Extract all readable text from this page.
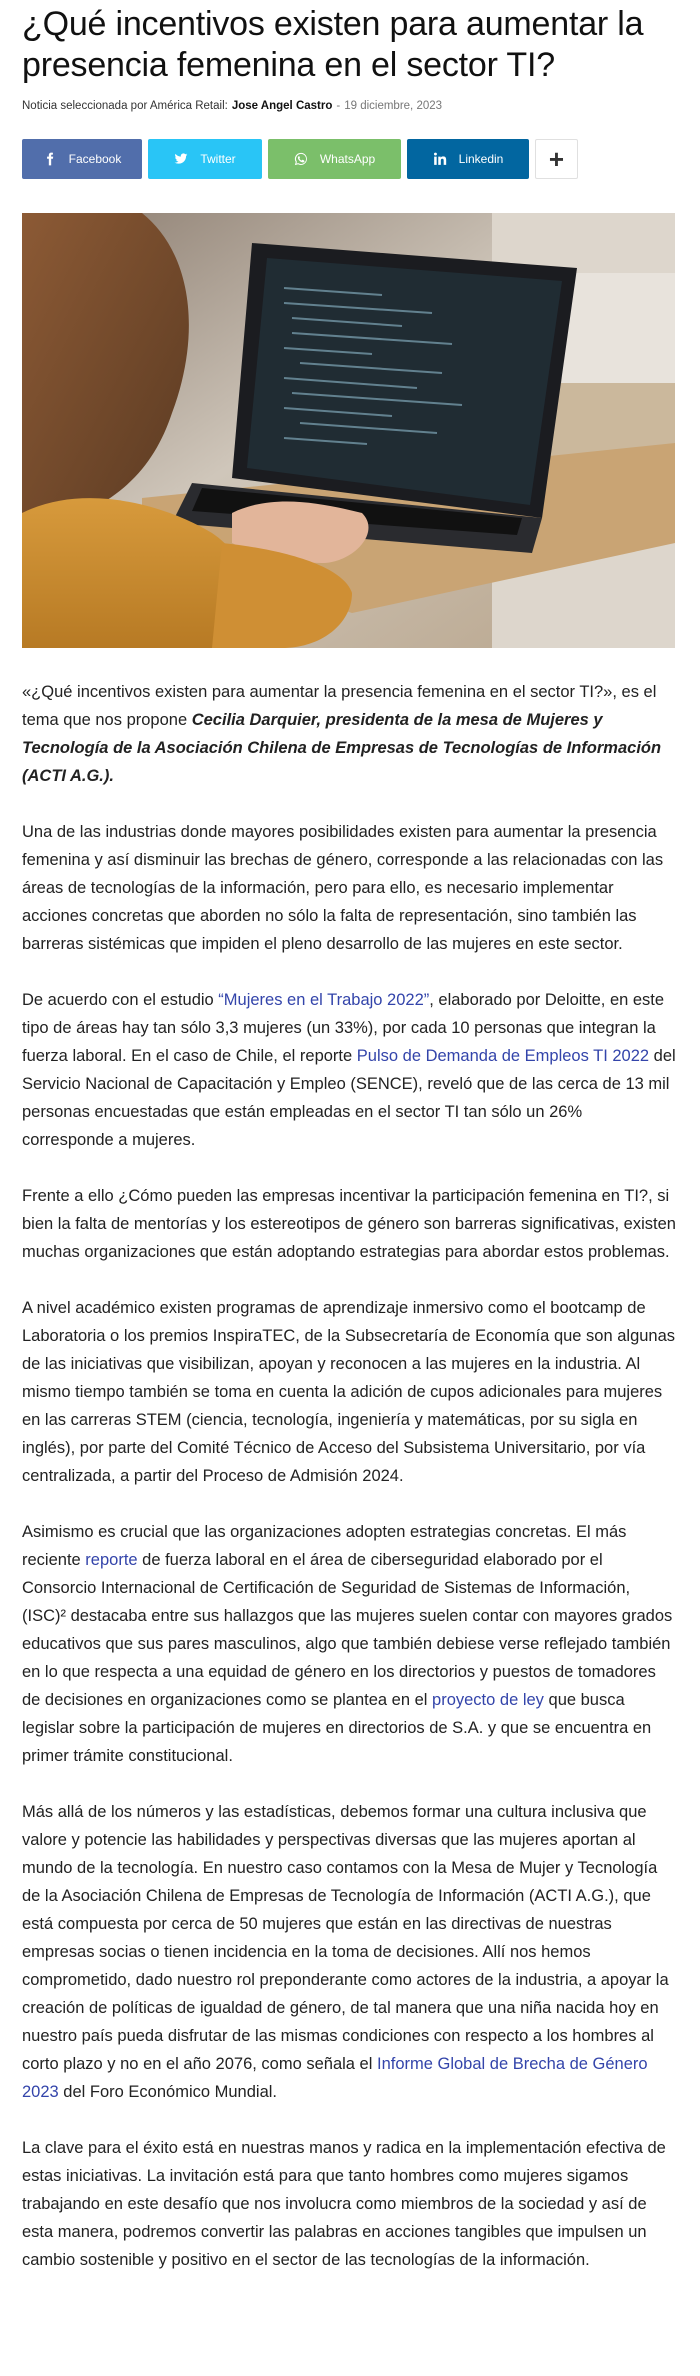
¿Qué incentivos existen para aumentar la presencia femenina en el sector TI?
Noticia seleccionada por América Retail: Jose Angel Castro - 19 diciembre, 2023
Facebook	Twitter	WhatsApp	Linkedin	+

«¿Qué incentivos existen para aumentar la presencia femenina en el sector TI?», es el tema que nos propone Cecilia Darquier, presidenta de la mesa de Mujeres y Tecnología de la Asociación Chilena de Empresas de Tecnologías de Información (ACTI A.G.).

Una de las industrias donde mayores posibilidades existen para aumentar la presencia femenina y así disminuir las brechas de género, corresponde a las relacionadas con las áreas de tecnologías de la información, pero para ello, es necesario implementar acciones concretas que aborden no sólo la falta de representación, sino también las barreras sistémicas que impiden el pleno desarrollo de las mujeres en este sector.

De acuerdo con el estudio “Mujeres en el Trabajo 2022”, elaborado por Deloitte, en este tipo de áreas hay tan sólo 3,3 mujeres (un 33%), por cada 10 personas que integran la fuerza laboral. En el caso de Chile, el reporte Pulso de Demanda de Empleos TI 2022 del Servicio Nacional de Capacitación y Empleo (SENCE), reveló que de las cerca de 13 mil personas encuestadas que están empleadas en el sector TI tan sólo un 26% corresponde a mujeres.

Frente a ello ¿Cómo pueden las empresas incentivar la participación femenina en TI?, si bien la falta de mentorías y los estereotipos de género son barreras significativas, existen muchas organizaciones que están adoptando estrategias para abordar estos problemas.

A nivel académico existen programas de aprendizaje inmersivo como el bootcamp de Laboratoria o los premios InspiraTEC, de la Subsecretaría de Economía que son algunas de las iniciativas que visibilizan, apoyan y reconocen a las mujeres en la industria. Al mismo tiempo también se toma en cuenta la adición de cupos adicionales para mujeres en las carreras STEM (ciencia, tecnología, ingeniería y matemáticas, por su sigla en inglés), por parte del Comité Técnico de Acceso del Subsistema Universitario, por vía centralizada, a partir del Proceso de Admisión 2024.

Asimismo es crucial que las organizaciones adopten estrategias concretas. El más reciente reporte de fuerza laboral en el área de ciberseguridad elaborado por el Consorcio Internacional de Certificación de Seguridad de Sistemas de Información, (ISC)² destacaba entre sus hallazgos que las mujeres suelen contar con mayores grados educativos que sus pares masculinos, algo que también debiese verse reflejado también en lo que respecta a una equidad de género en los directorios y puestos de tomadores de decisiones en organizaciones como se plantea en el proyecto de ley que busca legislar sobre la participación de mujeres en directorios de S.A. y que se encuentra en primer trámite constitucional.

Más allá de los números y las estadísticas, debemos formar una cultura inclusiva que valore y potencie las habilidades y perspectivas diversas que las mujeres aportan al mundo de la tecnología. En nuestro caso contamos con la Mesa de Mujer y Tecnología de la Asociación Chilena de Empresas de Tecnología de Información (ACTI A.G.), que está compuesta por cerca de 50 mujeres que están en las directivas de nuestras empresas socias o tienen incidencia en la toma de decisiones. Allí nos hemos comprometido, dado nuestro rol preponderante como actores de la industria, a apoyar la creación de políticas de igualdad de género, de tal manera que una niña nacida hoy en nuestro país pueda disfrutar de las mismas condiciones con respecto a los hombres al corto plazo y no en el año 2076, como señala el Informe Global de Brecha de Género 2023 del Foro Económico Mundial.

La clave para el éxito está en nuestras manos y radica en la implementación efectiva de estas iniciativas. La invitación está para que tanto hombres como mujeres sigamos trabajando en este desafío que nos involucra como miembros de la sociedad y así de esta manera, podremos convertir las palabras en acciones tangibles que impulsen un cambio sostenible y positivo en el sector de las tecnologías de la información.
